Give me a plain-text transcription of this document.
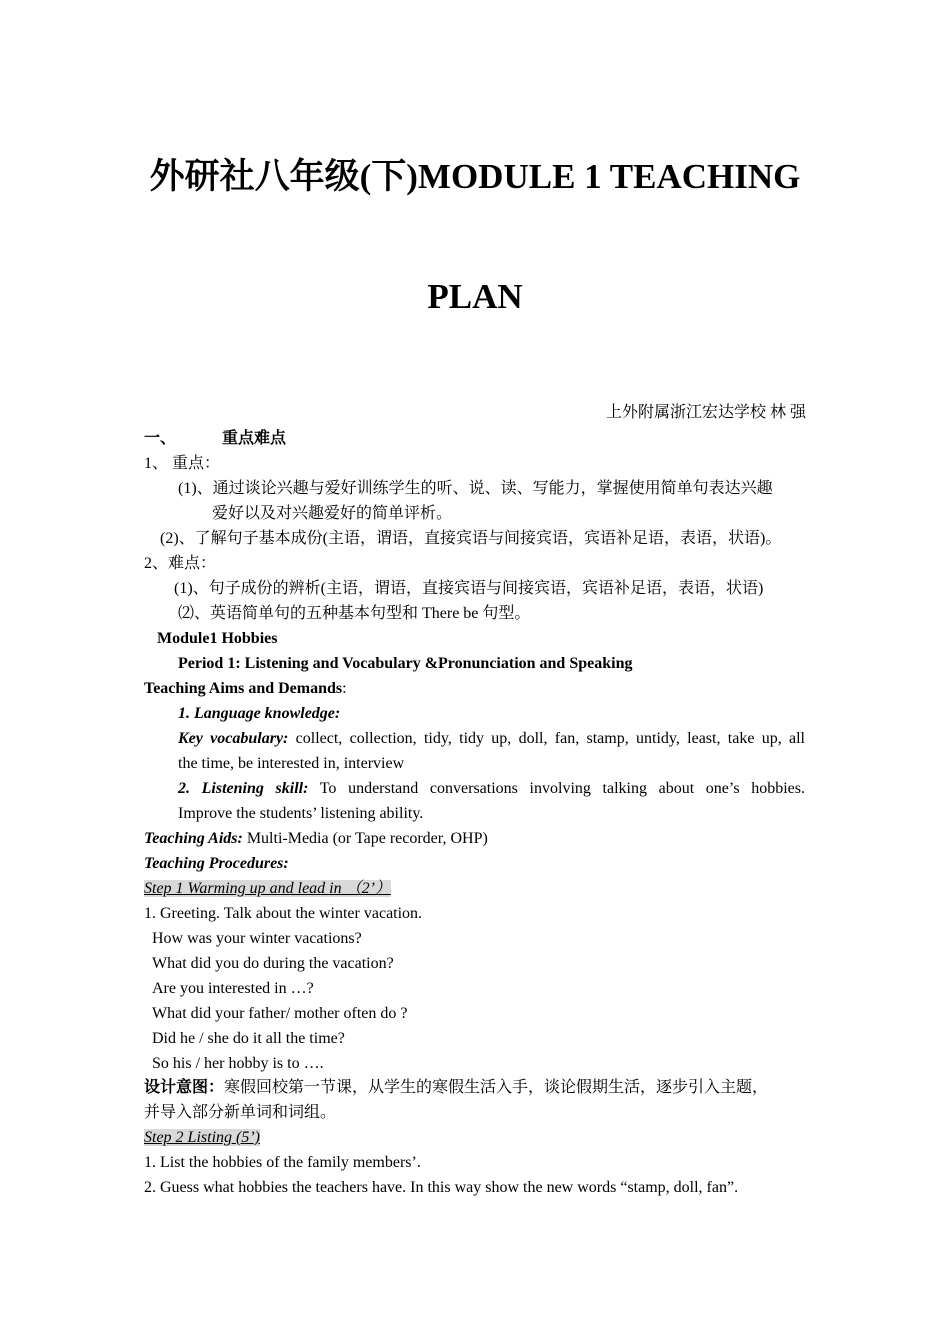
外研社八年级(下)MODULE 1 TEACHING
PLAN
上外附属浙江宏达学校 林 强
一、	重点难点
1、 重点：
(1)、通过谈论兴趣与爱好训练学生的听、说、读、写能力，掌握使用简单句表达兴趣
爱好以及对兴趣爱好的简单评析。
(2)、了解句子基本成份(主语，谓语，直接宾语与间接宾语，宾语补足语，表语，状语)。
2、难点：
(1)、句子成份的辨析(主语，谓语，直接宾语与间接宾语，宾语补足语，表语，状语)
⑵、英语简单句的五种基本句型和 There be 句型。
Module1 Hobbies
Period 1: Listening and Vocabulary &Pronunciation and Speaking
Teaching Aims and Demands:
1. Language knowledge:
Key vocabulary: collect, collection, tidy, tidy up, doll, fan, stamp, untidy, least, take up, all
the time, be interested in, interview
2. Listening skill: To understand conversations involving talking about one’s hobbies.
Improve the students’ listening ability.
Teaching Aids: Multi-Media (or Tape recorder, OHP)
Teaching Procedures:
Step 1 Warming up and lead in （2’）
1. Greeting. Talk about the winter vacation.
How was your winter vacations?
What did you do during the vacation?
Are you interested in …?
What did your father/ mother often do ?
Did he / she do it all the time?
So his / her hobby is to ….
设计意图：寒假回校第一节课，从学生的寒假生活入手，谈论假期生活，逐步引入主题，
并导入部分新单词和词组。
Step 2 Listing (5’)
1. List the hobbies of the family members’.
2. Guess what hobbies the teachers have. In this way show the new words “stamp, doll, fan”.
